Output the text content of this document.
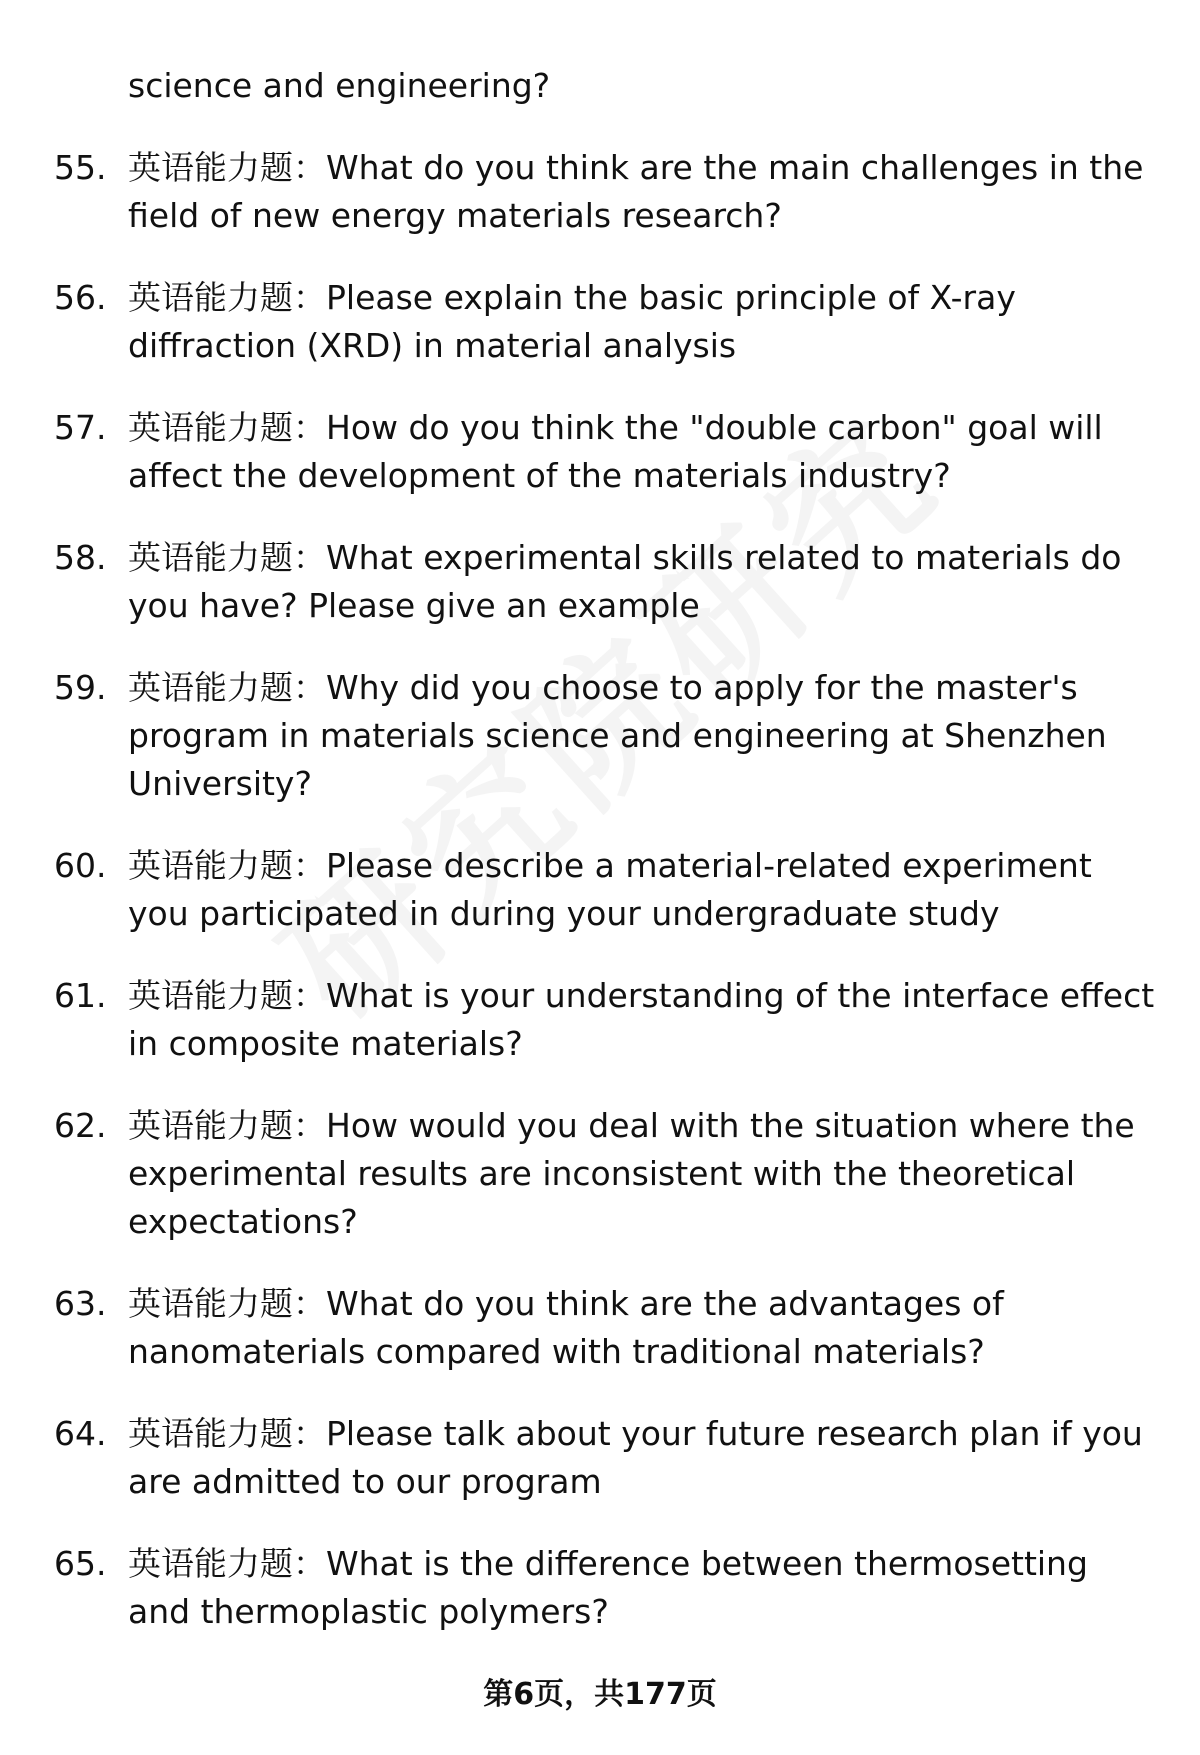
science and engineering?
55. 英语能力题：What do you think are the main challenges in the field of new energy materials research?
56. 英语能力题：Please explain the basic principle of X-ray diffraction (XRD) in material analysis
57. 英语能力题：How do you think the "double carbon" goal will affect the development of the materials industry?
58. 英语能力题：What experimental skills related to materials do you have? Please give an example
59. 英语能力题：Why did you choose to apply for the master's program in materials science and engineering at Shenzhen University?
60. 英语能力题：Please describe a material-related experiment you participated in during your undergraduate study
61. 英语能力题：What is your understanding of the interface effect in composite materials?
62. 英语能力题：How would you deal with the situation where the experimental results are inconsistent with the theoretical expectations?
63. 英语能力题：What do you think are the advantages of nanomaterials compared with traditional materials?
64. 英语能力题：Please talk about your future research plan if you are admitted to our program
65. 英语能力题：What is the difference between thermosetting and thermoplastic polymers?
第6页，共177页
